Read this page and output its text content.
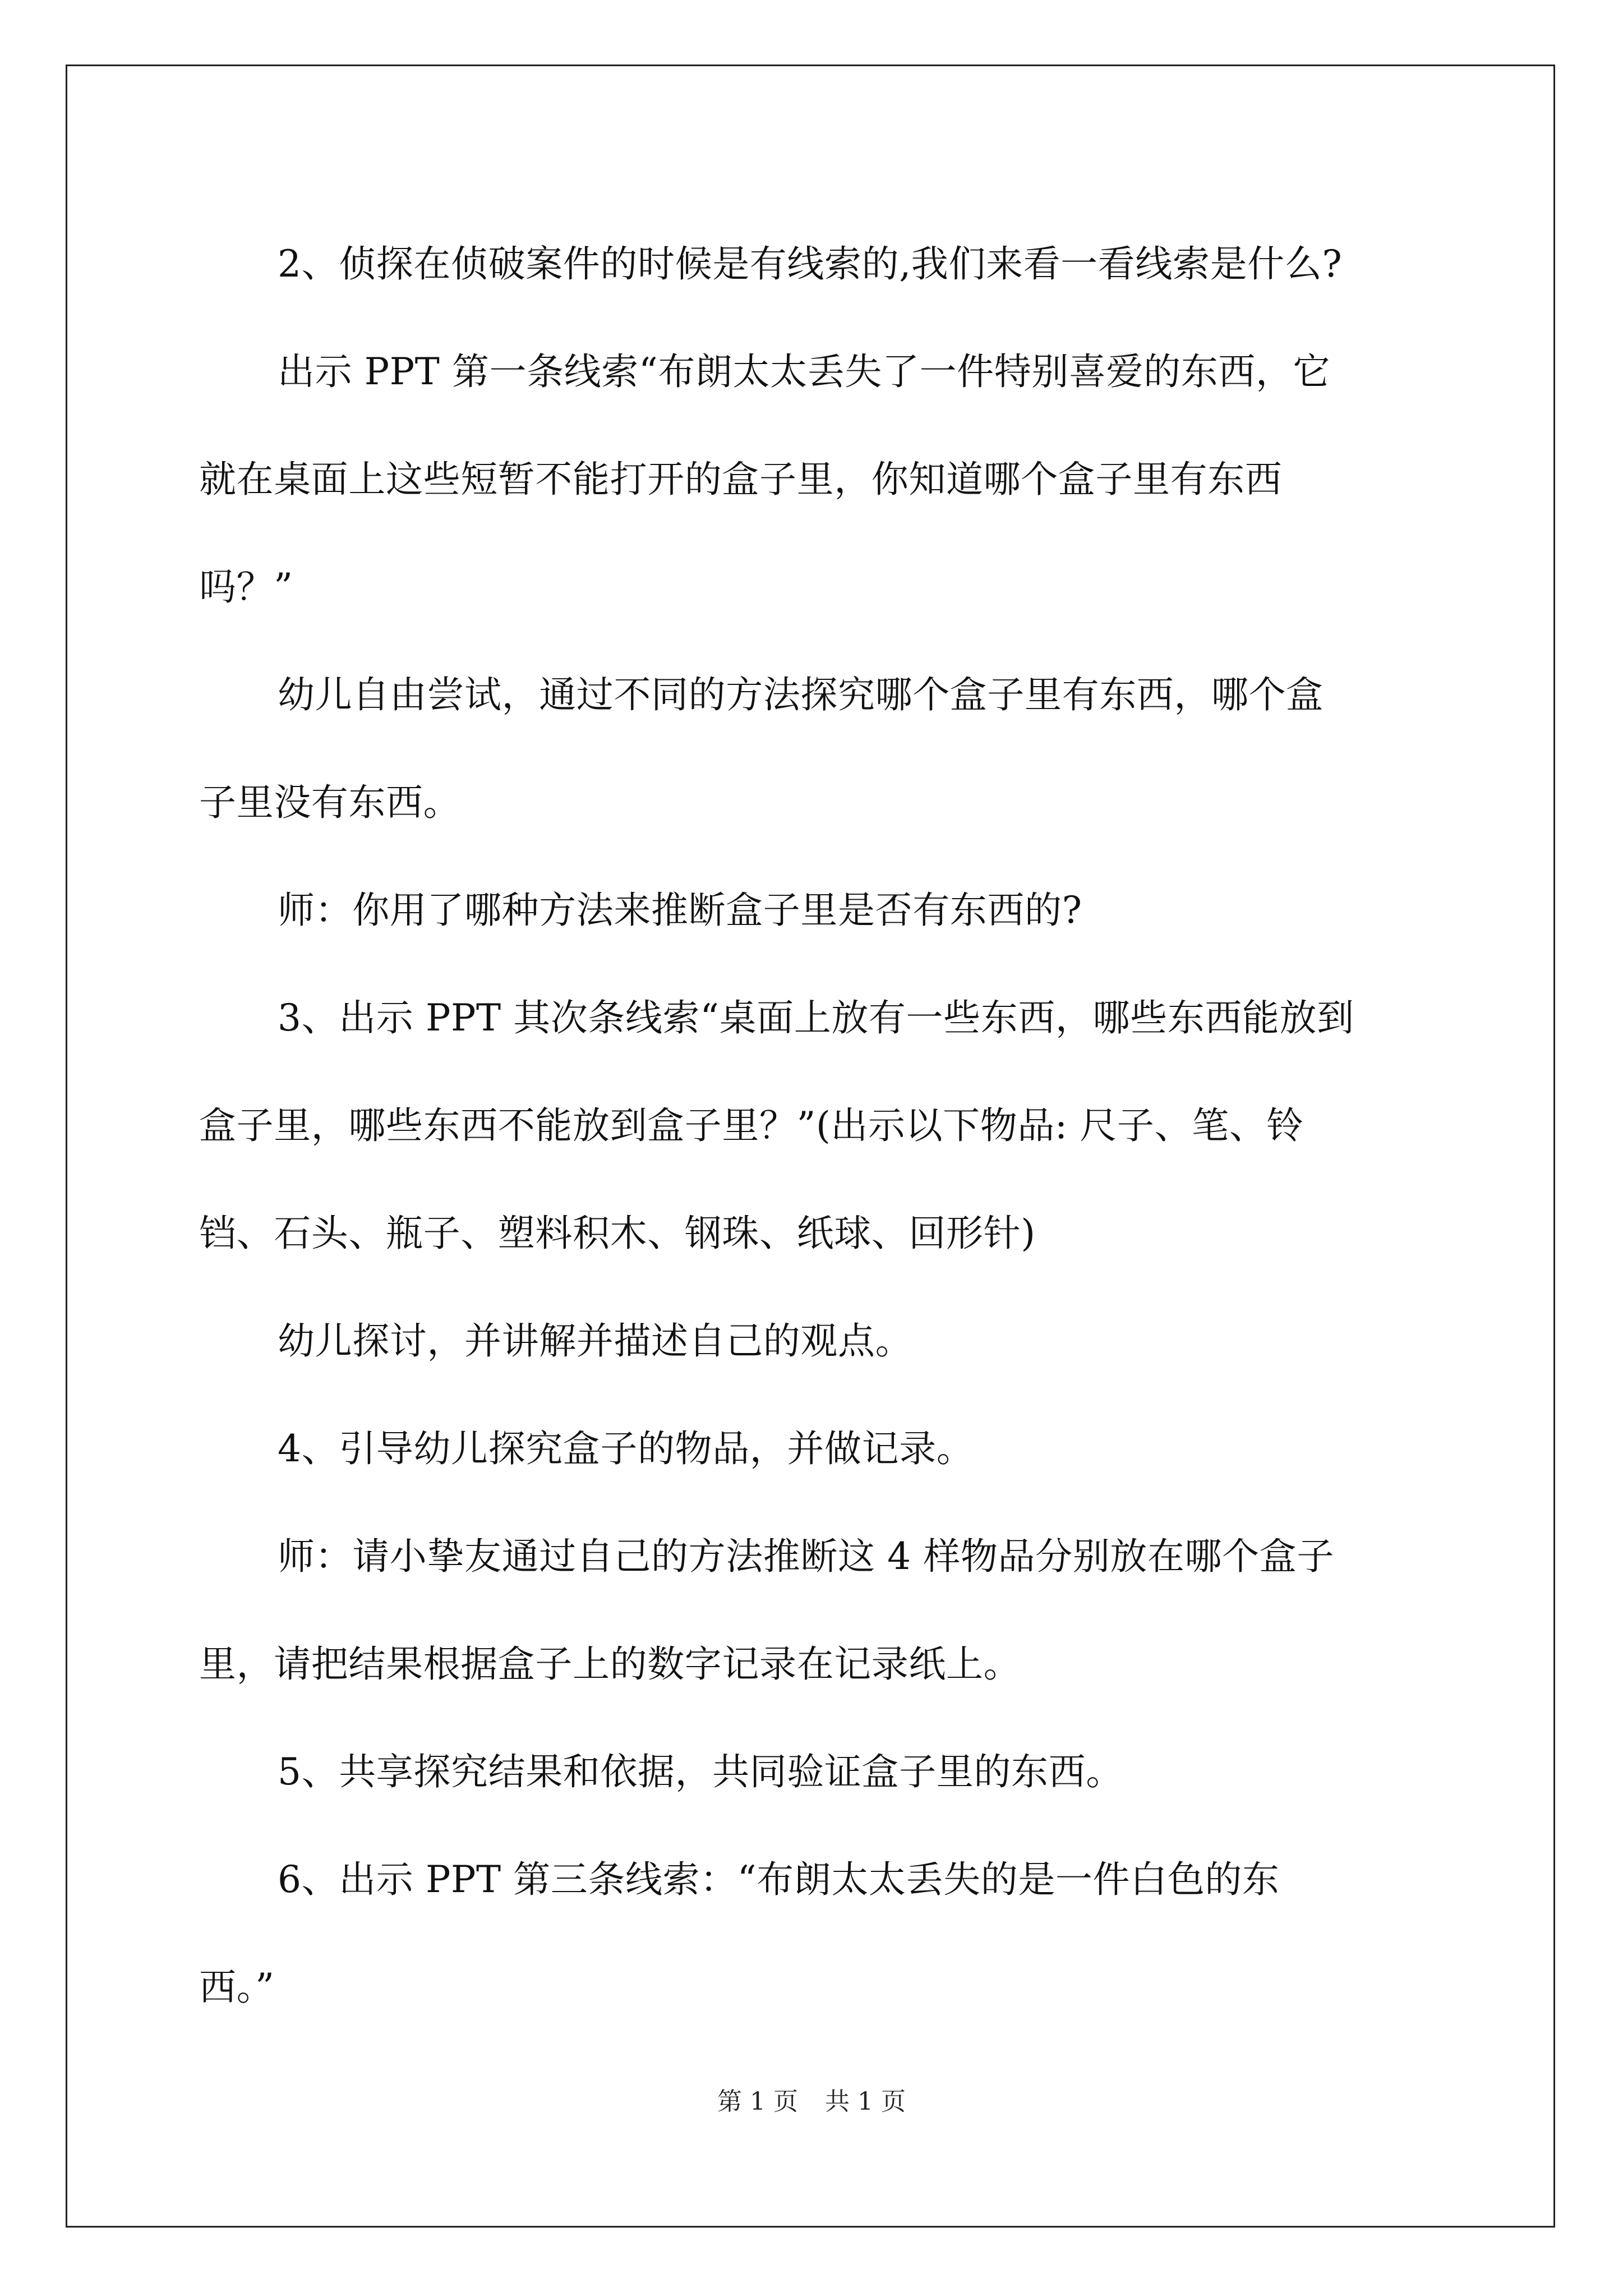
2、侦探在侦破案件的时候是有线索的,我们来看一看线索是什么?
出示 PPT 第一条线索“布朗太太丢失了一件特别喜爱的东西，它
就在桌面上这些短暂不能打开的盒子里，你知道哪个盒子里有东西
吗？”
幼儿自由尝试，通过不同的方法探究哪个盒子里有东西，哪个盒
子里没有东西。
师：你用了哪种方法来推断盒子里是否有东西的?
3、出示 PPT 其次条线索“桌面上放有一些东西，哪些东西能放到
盒子里，哪些东西不能放到盒子里？”(出示以下物品: 尺子、笔、铃
铛、石头、瓶子、塑料积木、钢珠、纸球、回形针)
幼儿探讨，并讲解并描述自己的观点。
4、引导幼儿探究盒子的物品，并做记录。
师：请小挚友通过自己的方法推断这 4 样物品分别放在哪个盒子
里，请把结果根据盒子上的数字记录在记录纸上。
5、共享探究结果和依据，共同验证盒子里的东西。
6、出示 PPT 第三条线索：“布朗太太丢失的是一件白色的东
西。”
第 1 页 共 1 页
